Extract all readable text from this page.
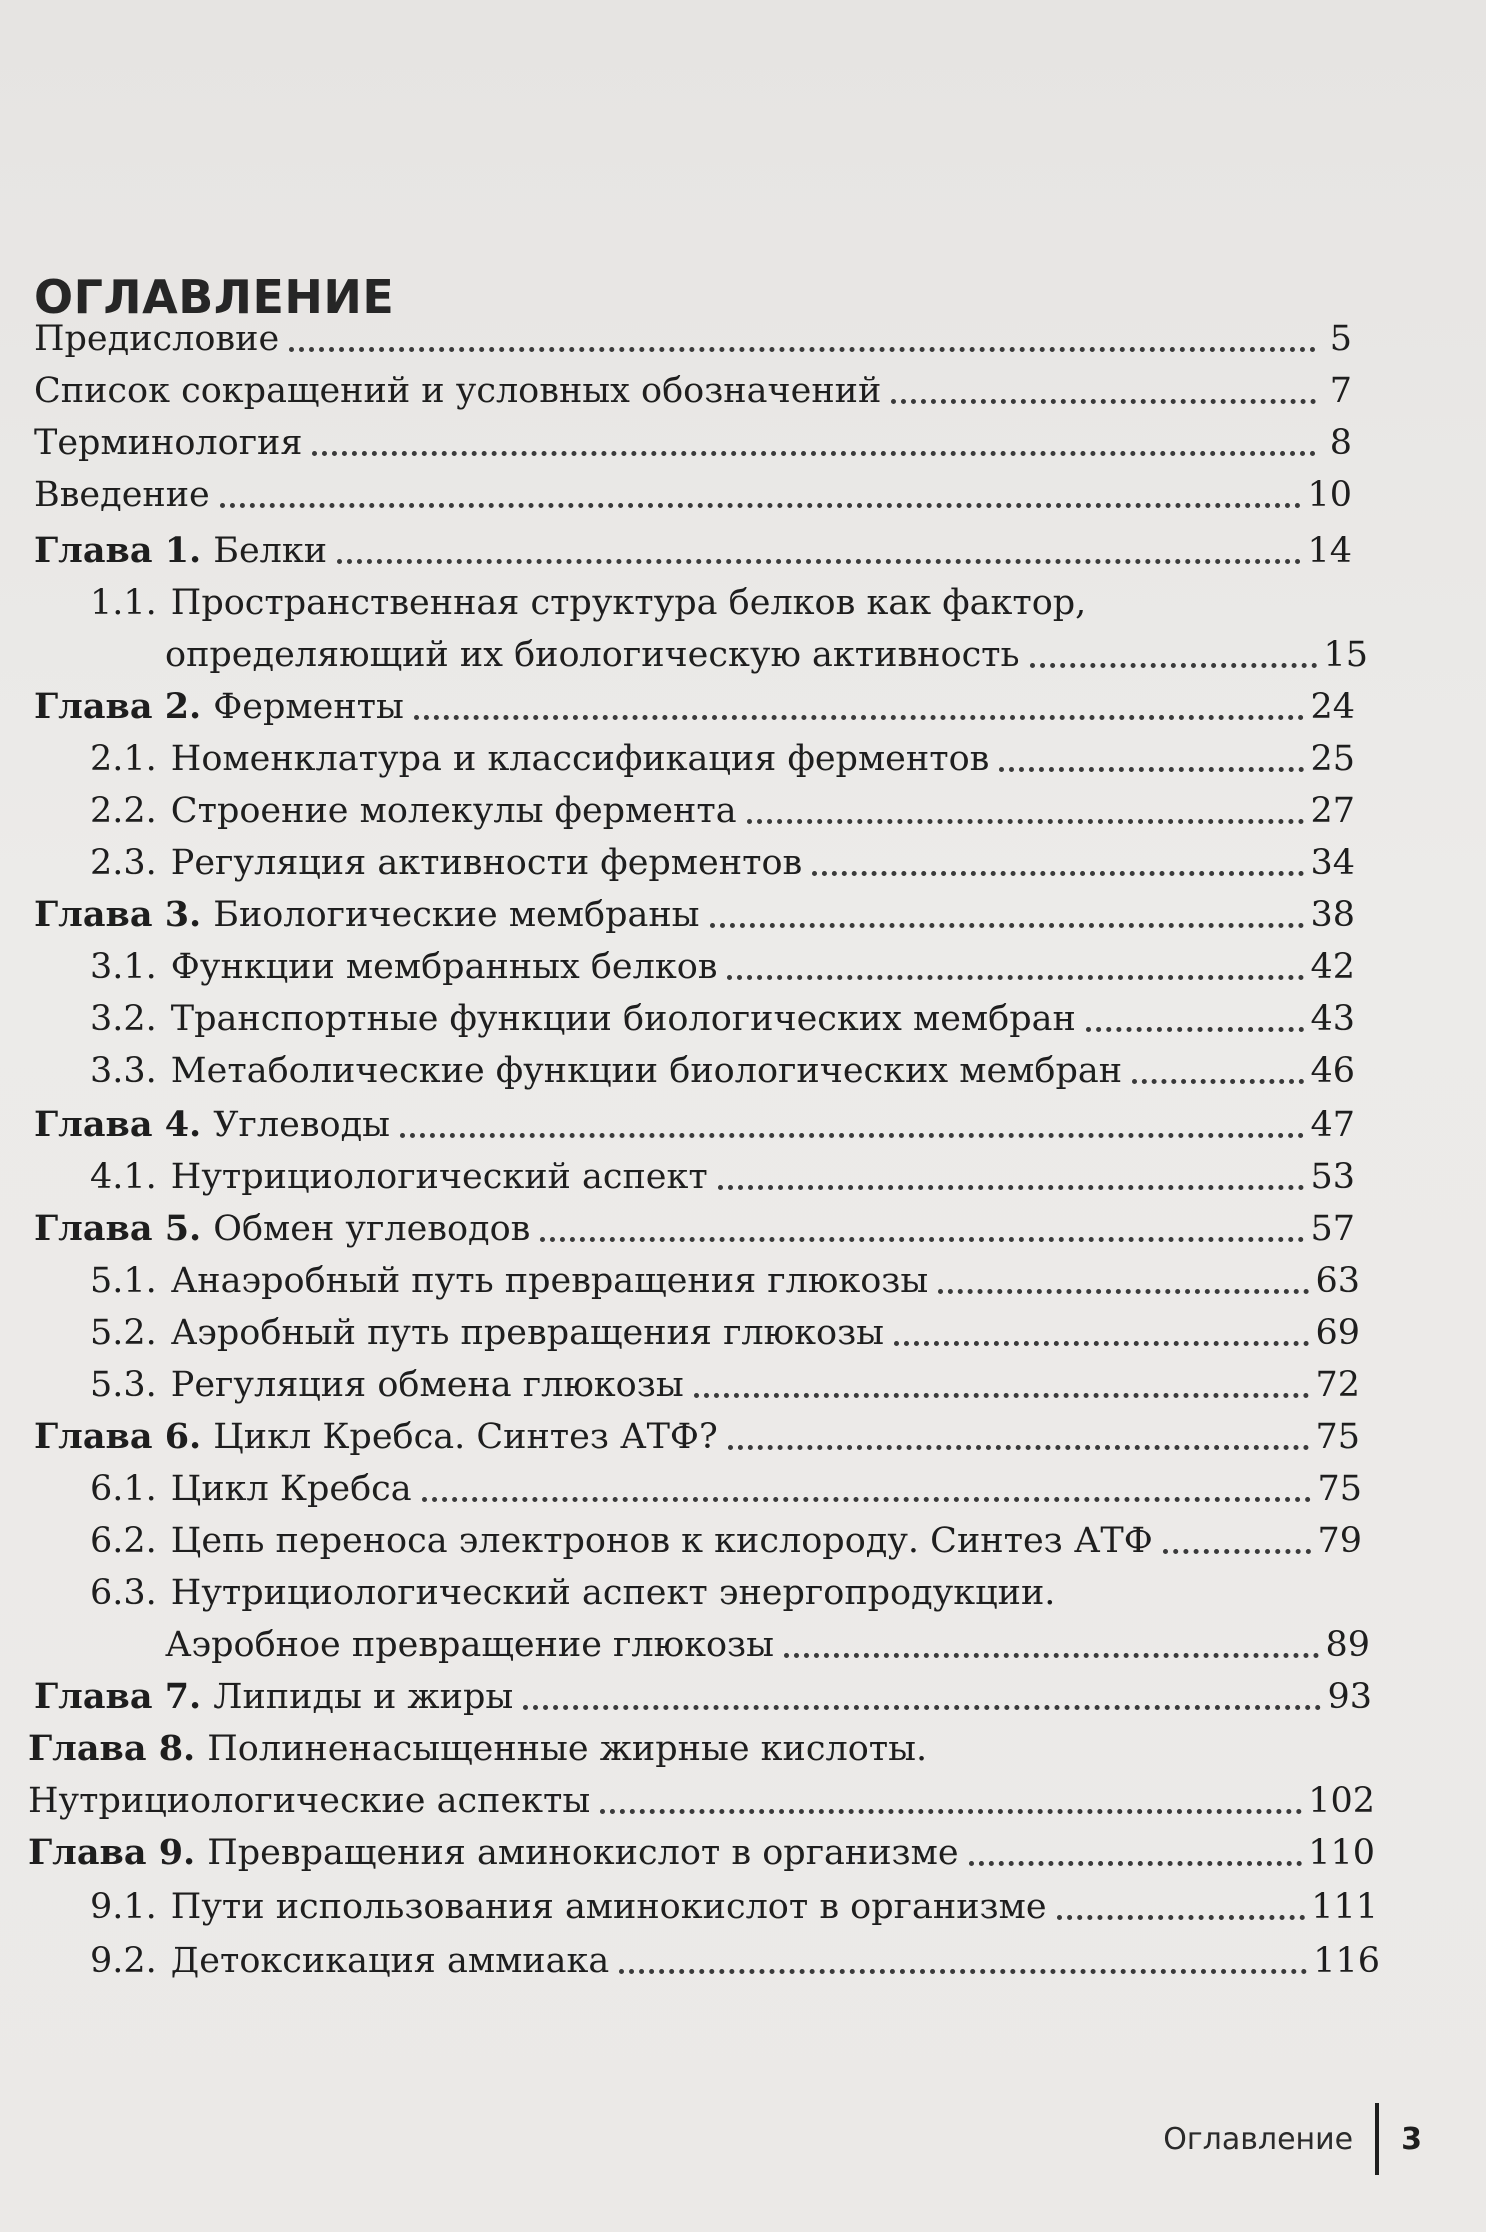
ОГЛАВЛЕНИЕ
Предисловие	5
Список сокращений и условных обозначений	7
Терминология	8
Введение	10
Глава 1. Белки	14
1.1. Пространственная структура белков как фактор,
определяющий их биологическую активность	15
Глава 2. Ферменты	24
2.1. Номенклатура и классификация ферментов	25
2.2. Строение молекулы фермента	27
2.3. Регуляция активности ферментов	34
Глава 3. Биологические мембраны	38
3.1. Функции мембранных белков	42
3.2. Транспортные функции биологических мембран	43
3.3. Метаболические функции биологических мембран	46
Глава 4. Углеводы	47
4.1. Нутрициологический аспект	53
Глава 5. Обмен углеводов	57
5.1. Анаэробный путь превращения глюкозы	63
5.2. Аэробный путь превращения глюкозы	69
5.3. Регуляция обмена глюкозы	72
Глава 6. Цикл Кребса. Синтез АТФ?	75
6.1. Цикл Кребса	75
6.2. Цепь переноса электронов к кислороду. Синтез АТФ	79
6.3. Нутрициологический аспект энергопродукции.
Аэробное превращение глюкозы	89
Глава 7. Липиды и жиры	93
Глава 8. Полиненасыщенные жирные кислоты.
Нутрициологические аспекты	102
Глава 9. Превращения аминокислот в организме	110
9.1. Пути использования аминокислот в организме	111
9.2. Детоксикация аммиака	116
Оглавление 3
